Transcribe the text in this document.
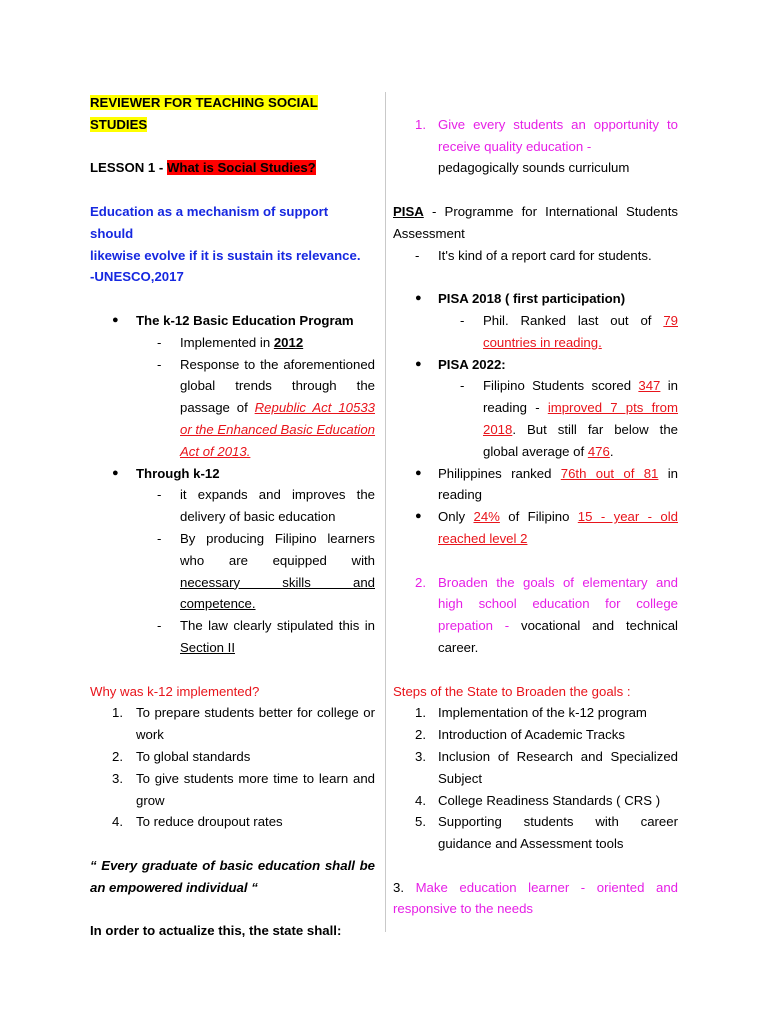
REVIEWER FOR TEACHING SOCIAL STUDIES
LESSON 1 - What is Social Studies?
Education as a mechanism of support should
likewise evolve if it is sustain its relevance.
-UNESCO,2017
●	The k-12 Basic Education Program
-	Implemented in 2012
-	Response to the aforementioned global trends through the passage of Republic Act 10533 or the Enhanced Basic Education Act of 2013.
●	Through k-12
-	it expands and improves the delivery of basic education
-	By producing Filipino learners who are equipped with necessary skills and competence.
-	The law clearly stipulated this in Section II
Why was k-12 implemented?
1. To prepare students better for college or work
2. To global standards
3. To give students more time to learn and grow
4. To reduce droupout rates
“ Every graduate of basic education shall be an empowered individual “
In order to actualize this, the state shall:
1. Give every students an opportunity to receive quality education -
pedagogically sounds curriculum
PISA - Programme for International Students Assessment
-	It's kind of a report card for students.
●	PISA 2018 ( first participation)
-	Phil. Ranked last out of 79 countries in reading.
●	PISA 2022:
-	Filipino Students scored 347 in reading - improved 7 pts from 2018. But still far below the global average of 476.
●	Philippines ranked 76th out of 81 in reading
●	Only 24% of Filipino 15 - year - old reached level 2
2. Broaden the goals of elementary and high school education for college prepation - vocational and technical career.
Steps of the State to Broaden the goals :
1. Implementation of the k-12 program
2. Introduction of Academic Tracks
3. Inclusion of Research and Specialized Subject
4. College Readiness Standards ( CRS )
5. Supporting students with career guidance and Assessment tools
3. Make education learner - oriented and responsive to the needs
